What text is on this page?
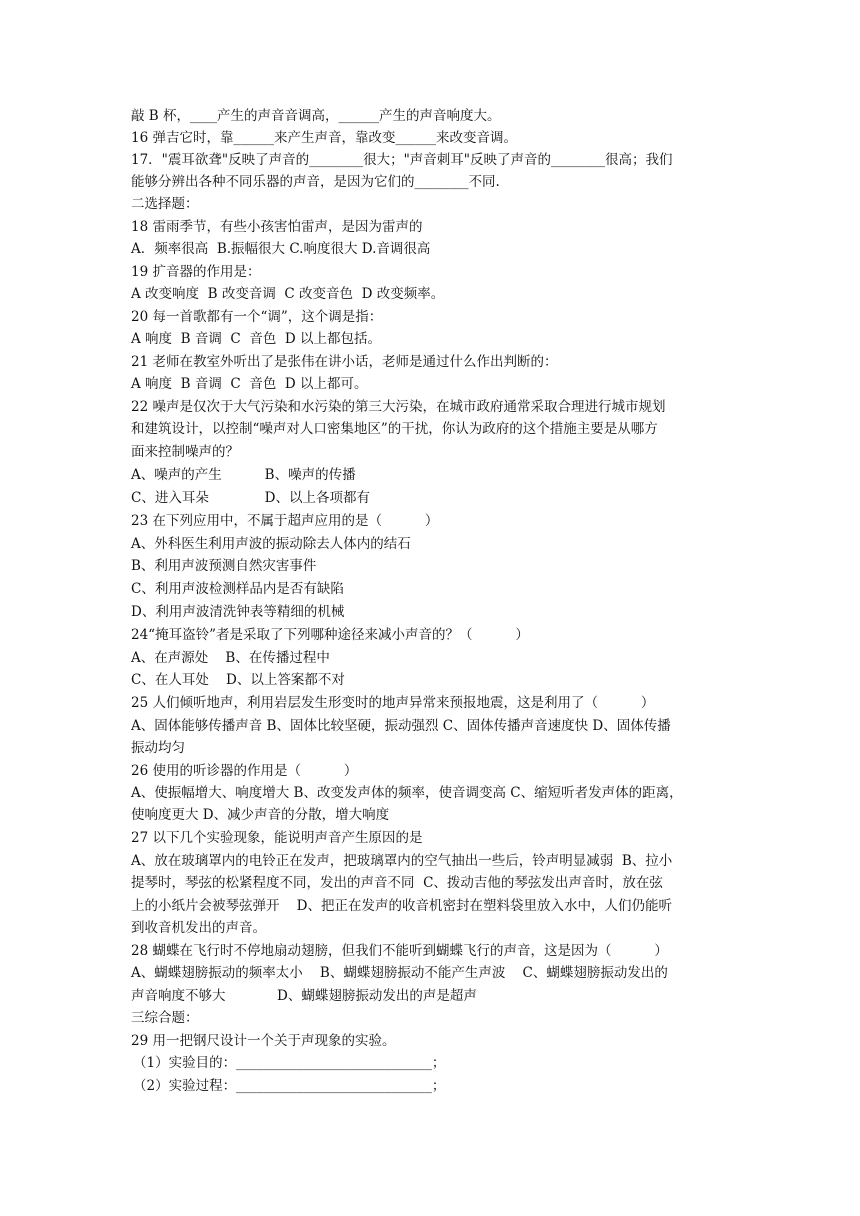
敲 B 杯，____产生的声音音调高，______产生的声音响度大。
16 弹吉它时，靠______来产生声音，靠改变______来改变音调。
17．"震耳欲聋"反映了声音的________很大；"声音刺耳"反映了声音的________很高；我们
能够分辨出各种不同乐器的声音，是因为它们的________不同.
二选择题：
18 雷雨季节，有些小孩害怕雷声，是因为雷声的
A．频率很高  B.振幅很大 C.响度很大 D.音调很高
19 扩音器的作用是：
A 改变响度  B 改变音调  C 改变音色  D 改变频率。
20 每一首歌都有一个“调”，这个调是指：
A 响度  B 音调  C  音色  D 以上都包括。
21 老师在教室外听出了是张伟在讲小话，老师是通过什么作出判断的：
A 响度  B 音调  C  音色  D 以上都可。
22 噪声是仅次于大气污染和水污染的第三大污染，在城市政府通常采取合理进行城市规划
和建筑设计，以控制“噪声对人口密集地区”的干扰，你认为政府的这个措施主要是从哪方
面来控制噪声的？
A、噪声的产生          B、噪声的传播
C、进入耳朵             D、以上各项都有
23 在下列应用中，不属于超声应用的是（          ）
A、外科医生利用声波的振动除去人体内的结石
B、利用声波预测自然灾害事件
C、利用声波检测样品内是否有缺陷
D、利用声波清洗钟表等精细的机械
24“掩耳盗铃”者是采取了下列哪种途径来减小声音的？（          ）
A、在声源处    B、在传播过程中
C、在人耳处    D、以上答案都不对
25 人们倾听地声，利用岩层发生形变时的地声异常来预报地震，这是利用了（          ）
A、固体能够传播声音 B、固体比较坚硬，振动强烈 C、固体传播声音速度快 D、固体传播
振动均匀
26 使用的听诊器的作用是（          ）
A、使振幅增大、响度增大 B、改变发声体的频率，使音调变高 C、缩短听者发声体的距离，
使响度更大 D、减少声音的分散，增大响度
27 以下几个实验现象，能说明声音产生原因的是
A、放在玻璃罩内的电铃正在发声，把玻璃罩内的空气抽出一些后，铃声明显减弱  B、拉小
提琴时，琴弦的松紧程度不同，发出的声音不同  C、拨动吉他的琴弦发出声音时，放在弦
上的小纸片会被琴弦弹开    D、把正在发声的收音机密封在塑料袋里放入水中，人们仍能听
到收音机发出的声音。
28 蝴蝶在飞行时不停地扇动翅膀，但我们不能听到蝴蝶飞行的声音，这是因为（          ）
A、蝴蝶翅膀振动的频率太小    B、蝴蝶翅膀振动不能产生声波    C、蝴蝶翅膀振动发出的
声音响度不够大            D、蝴蝶翅膀振动发出的声是超声
三综合题：
29 用一把钢尺设计一个关于声现象的实验。
（1）实验目的：_____________________________；
（2）实验过程：_____________________________；
